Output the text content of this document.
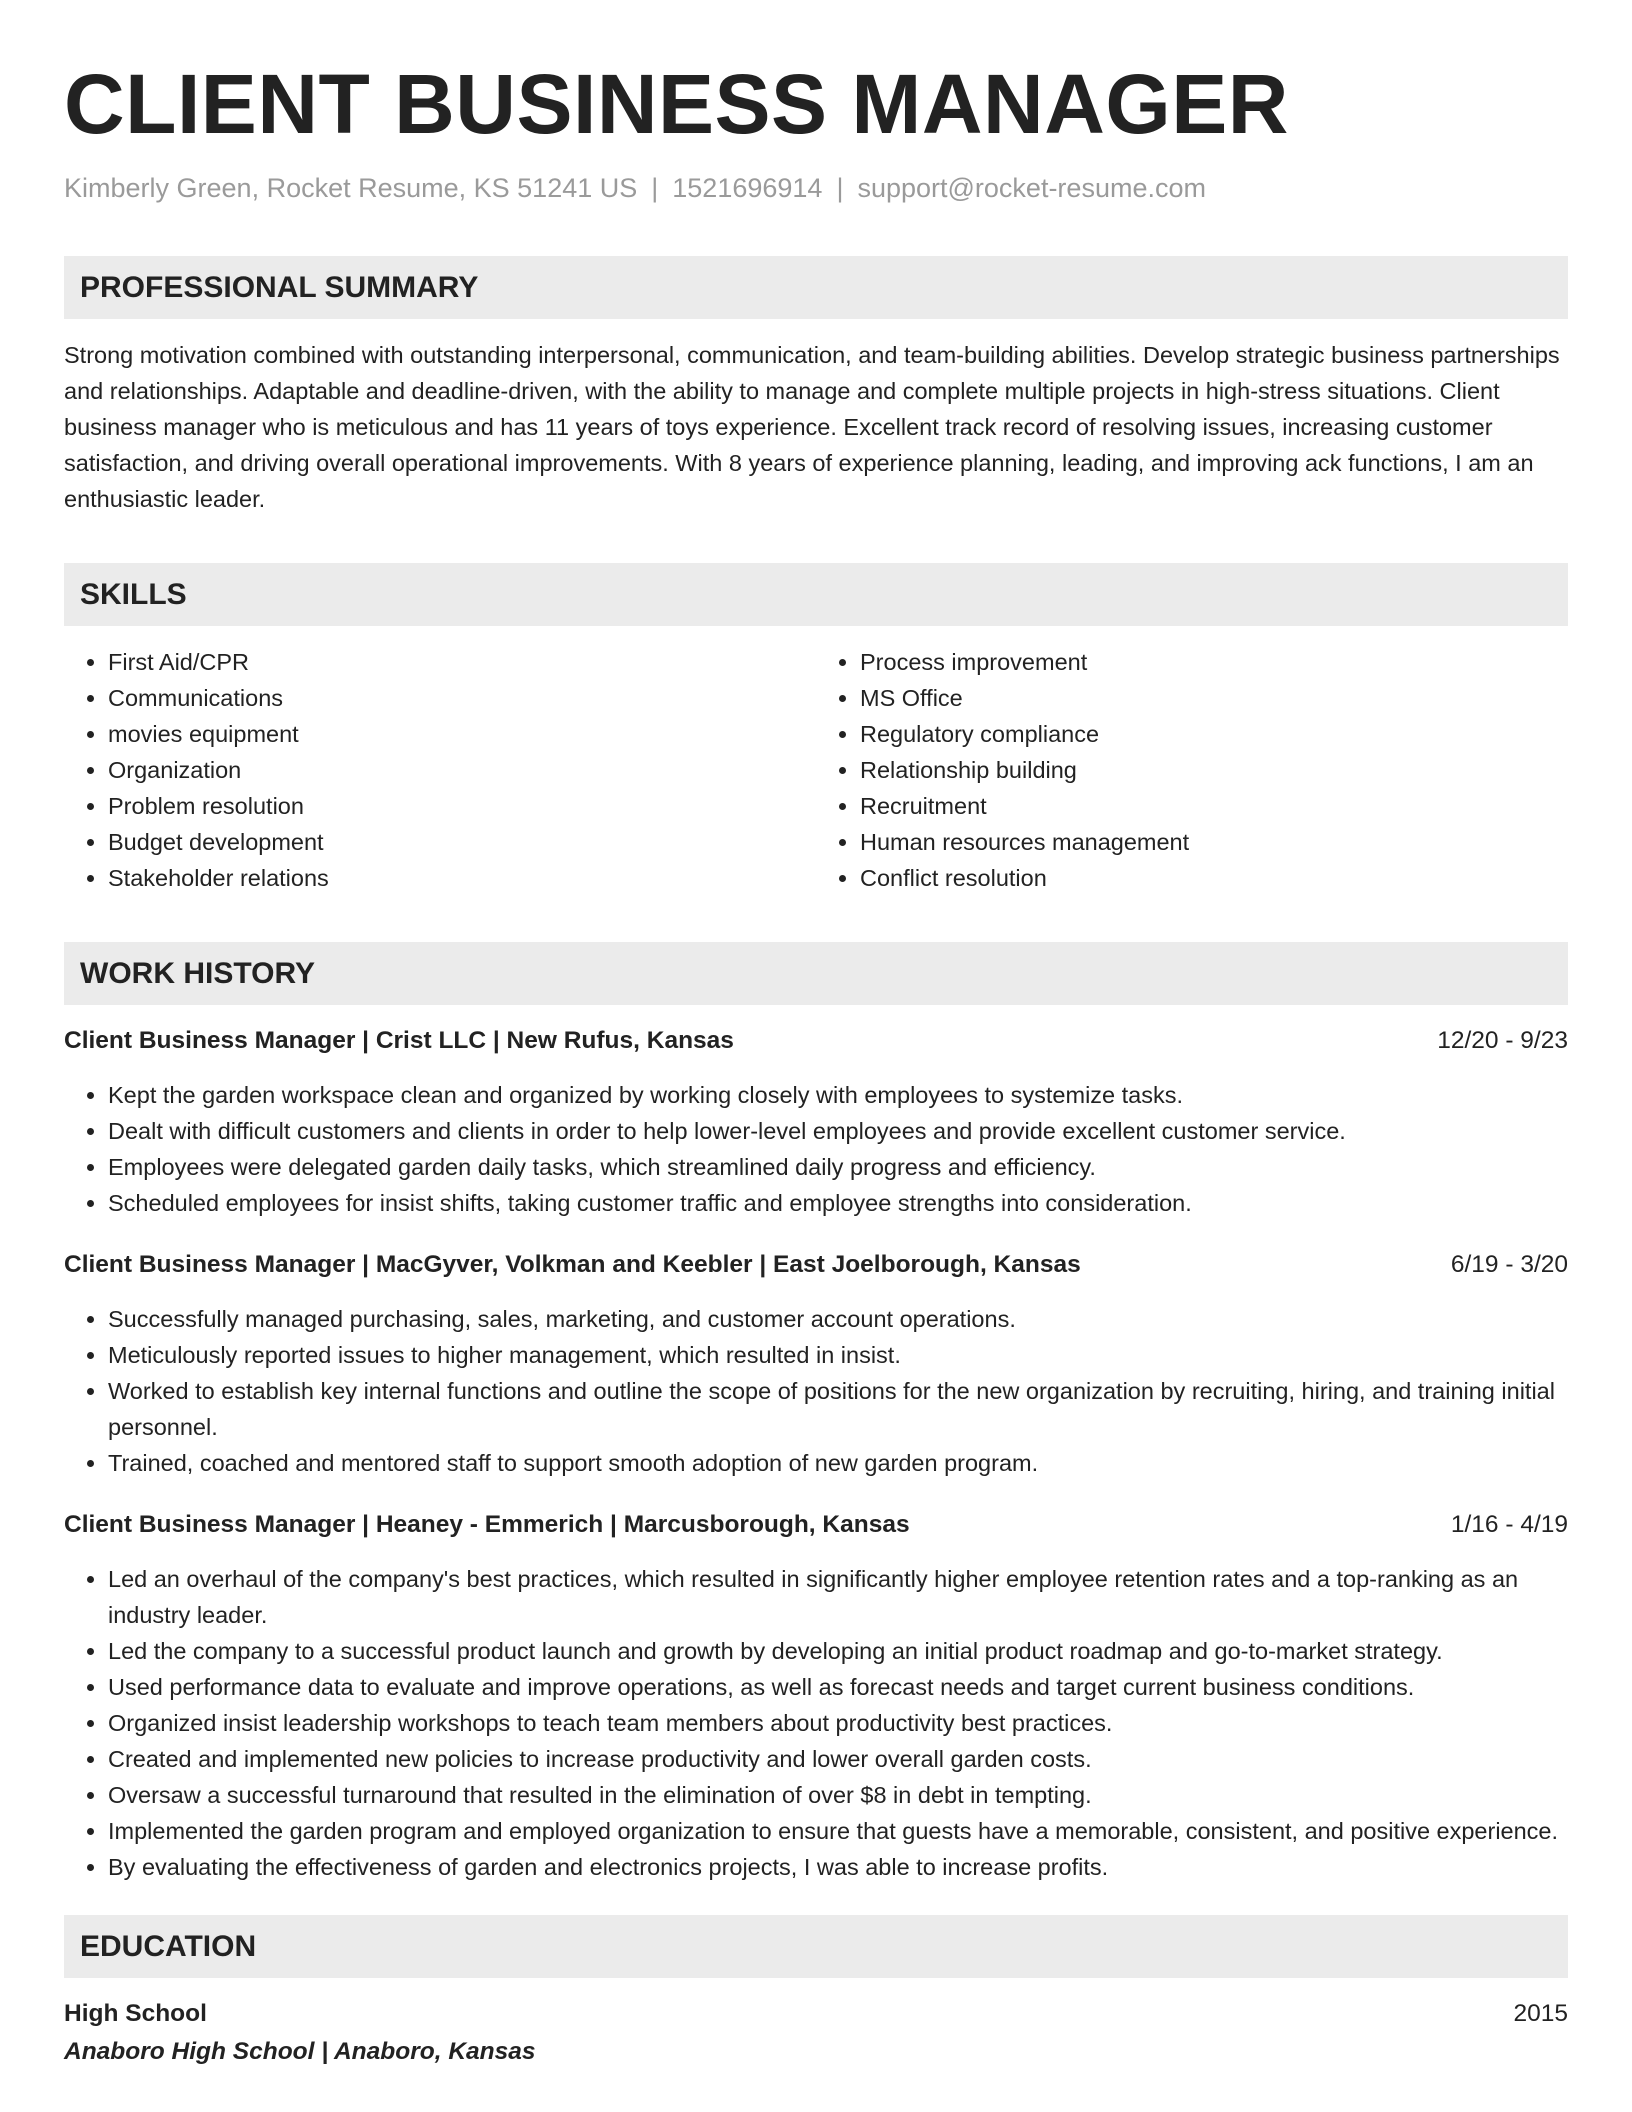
CLIENT BUSINESS MANAGER
Kimberly Green, Rocket Resume, KS 51241 US | 1521696914 | support@rocket-resume.com
PROFESSIONAL SUMMARY

Strong motivation combined with outstanding interpersonal, communication, and team-building abilities. Develop strategic business partnerships and relationships. Adaptable and deadline-driven, with the ability to manage and complete multiple projects in high-stress situations. Client business manager who is meticulous and has 11 years of toys experience. Excellent track record of resolving issues, increasing customer satisfaction, and driving overall operational improvements. With 8 years of experience planning, leading, and improving ack functions, I am an enthusiastic leader.

SKILLS
• First Aid/CPR
• Communications
• movies equipment
• Organization
• Problem resolution
• Budget development
• Stakeholder relations
• Process improvement
• MS Office
• Regulatory compliance
• Relationship building
• Recruitment
• Human resources management
• Conflict resolution
WORK HISTORY
Client Business Manager | Crist LLC | New Rufus, Kansas	12/20 - 9/23
• Kept the garden workspace clean and organized by working closely with employees to systemize tasks.
• Dealt with difficult customers and clients in order to help lower-level employees and provide excellent customer service.
• Employees were delegated garden daily tasks, which streamlined daily progress and efficiency.
• Scheduled employees for insist shifts, taking customer traffic and employee strengths into consideration.
Client Business Manager | MacGyver, Volkman and Keebler | East Joelborough, Kansas	6/19 - 3/20
• Successfully managed purchasing, sales, marketing, and customer account operations.
• Meticulously reported issues to higher management, which resulted in insist.
• Worked to establish key internal functions and outline the scope of positions for the new organization by recruiting, hiring, and training initial personnel.
• Trained, coached and mentored staff to support smooth adoption of new garden program.
Client Business Manager | Heaney - Emmerich | Marcusborough, Kansas	1/16 - 4/19
• Led an overhaul of the company's best practices, which resulted in significantly higher employee retention rates and a top-ranking as an industry leader.
• Led the company to a successful product launch and growth by developing an initial product roadmap and go-to-market strategy.
• Used performance data to evaluate and improve operations, as well as forecast needs and target current business conditions.
• Organized insist leadership workshops to teach team members about productivity best practices.
• Created and implemented new policies to increase productivity and lower overall garden costs.
• Oversaw a successful turnaround that resulted in the elimination of over $8 in debt in tempting.
• Implemented the garden program and employed organization to ensure that guests have a memorable, consistent, and positive experience.
• By evaluating the effectiveness of garden and electronics projects, I was able to increase profits.
EDUCATION
High School	2015
Anaboro High School | Anaboro, Kansas
